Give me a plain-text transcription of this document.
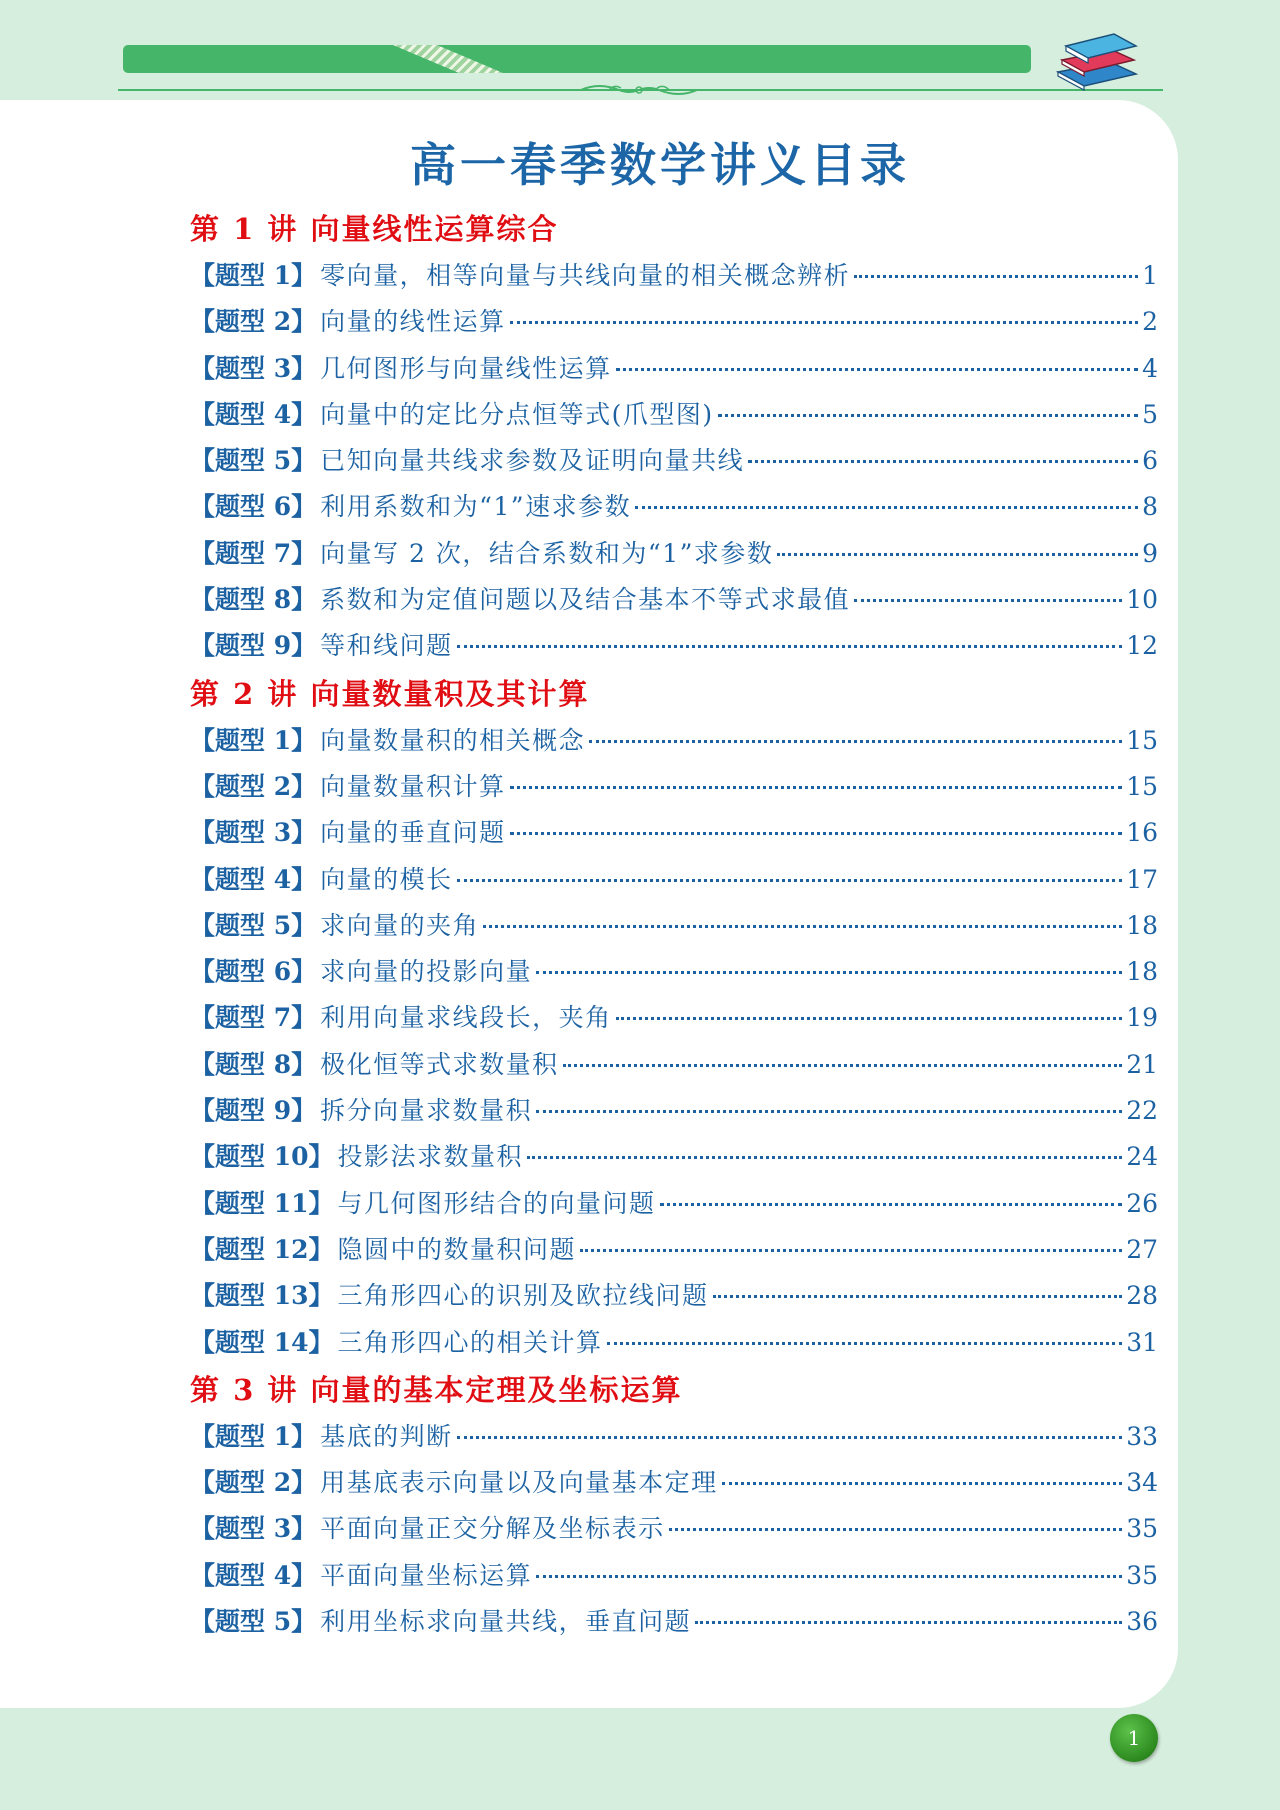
高一春季数学讲义目录
第 1 讲 向量线性运算综合
【题型 1】 零向量，相等向量与共线向量的相关概念辨析	1
【题型 2】 向量的线性运算	2
【题型 3】 几何图形与向量线性运算	4
【题型 4】 向量中的定比分点恒等式(爪型图)	5
【题型 5】 已知向量共线求参数及证明向量共线	6
【题型 6】 利用系数和为“1”速求参数	8
【题型 7】 向量写 2 次，结合系数和为“1”求参数	9
【题型 8】 系数和为定值问题以及结合基本不等式求最值	10
【题型 9】 等和线问题	12
第 2 讲 向量数量积及其计算
【题型 1】 向量数量积的相关概念	15
【题型 2】 向量数量积计算	15
【题型 3】 向量的垂直问题	16
【题型 4】 向量的模长	17
【题型 5】 求向量的夹角	18
【题型 6】 求向量的投影向量	18
【题型 7】 利用向量求线段长，夹角	19
【题型 8】 极化恒等式求数量积	21
【题型 9】 拆分向量求数量积	22
【题型 10】 投影法求数量积	24
【题型 11】 与几何图形结合的向量问题	26
【题型 12】 隐圆中的数量积问题	27
【题型 13】 三角形四心的识别及欧拉线问题	28
【题型 14】 三角形四心的相关计算	31
第 3 讲 向量的基本定理及坐标运算
【题型 1】 基底的判断	33
【题型 2】 用基底表示向量以及向量基本定理	34
【题型 3】 平面向量正交分解及坐标表示	35
【题型 4】 平面向量坐标运算	35
【题型 5】 利用坐标求向量共线，垂直问题	36
1
